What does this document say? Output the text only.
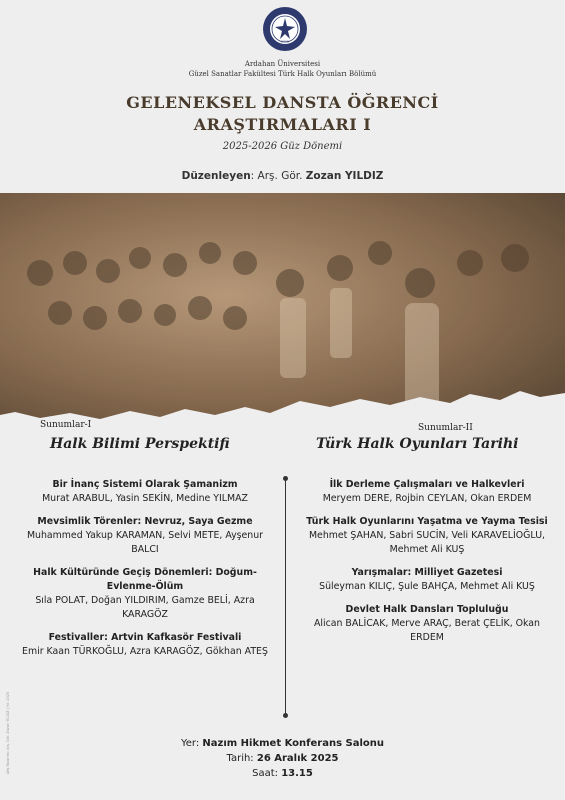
2008
Ardahan Üniversitesi
Güzel Sanatlar Fakültesi Türk Halk Oyunları Bölümü
GELENEKSEL DANSTA ÖĞRENCİ
ARAŞTIRMALARI I
2025-2026 Güz Dönemi
Düzenleyen: Arş. Gör. Zozan YILDIZ
Sunumlar-I	Sunumlar-II
Halk Bilimi Perspektifi	Türk Halk Oyunları Tarihi
Bir İnanç Sistemi Olarak Şamanizm
Murat ARABUL, Yasin SEKİN, Medine YILMAZ
Mevsimlik Törenler: Nevruz, Saya Gezme
Muhammed Yakup KARAMAN, Selvi METE, Ayşenur BALCI
Halk Kültüründe Geçiş Dönemleri: Doğum-Evlenme-Ölüm
Sıla POLAT, Doğan YILDIRIM, Gamze BELİ, Azra KARAGÖZ
Festivaller: Artvin Kafkasör Festivali
Emir Kaan TÜRKOĞLU, Azra KARAGÖZ, Gökhan ATEŞ
İlk Derleme Çalışmaları ve Halkevleri
Meryem DERE, Rojbin CEYLAN, Okan ERDEM
Türk Halk Oyunlarını Yaşatma ve Yayma Tesisi
Mehmet ŞAHAN, Sabri SUCİN, Veli KARAVELİOĞLU, Mehmet Ali KUŞ
Yarışmalar: Milliyet Gazetesi
Süleyman KILIÇ, Şule BAHÇA, Mehmet Ali KUŞ
Devlet Halk Dansları Topluluğu
Alican BALİCAK, Merve ARAÇ, Berat ÇELİK, Okan ERDEM
Yer: Nazım Hikmet Konferans Salonu
Tarih: 26 Aralık 2025
Saat: 13.15
Afiş Tasarımı: Arş. Gör. Zozan YILDIZ | Yıl: 2025
